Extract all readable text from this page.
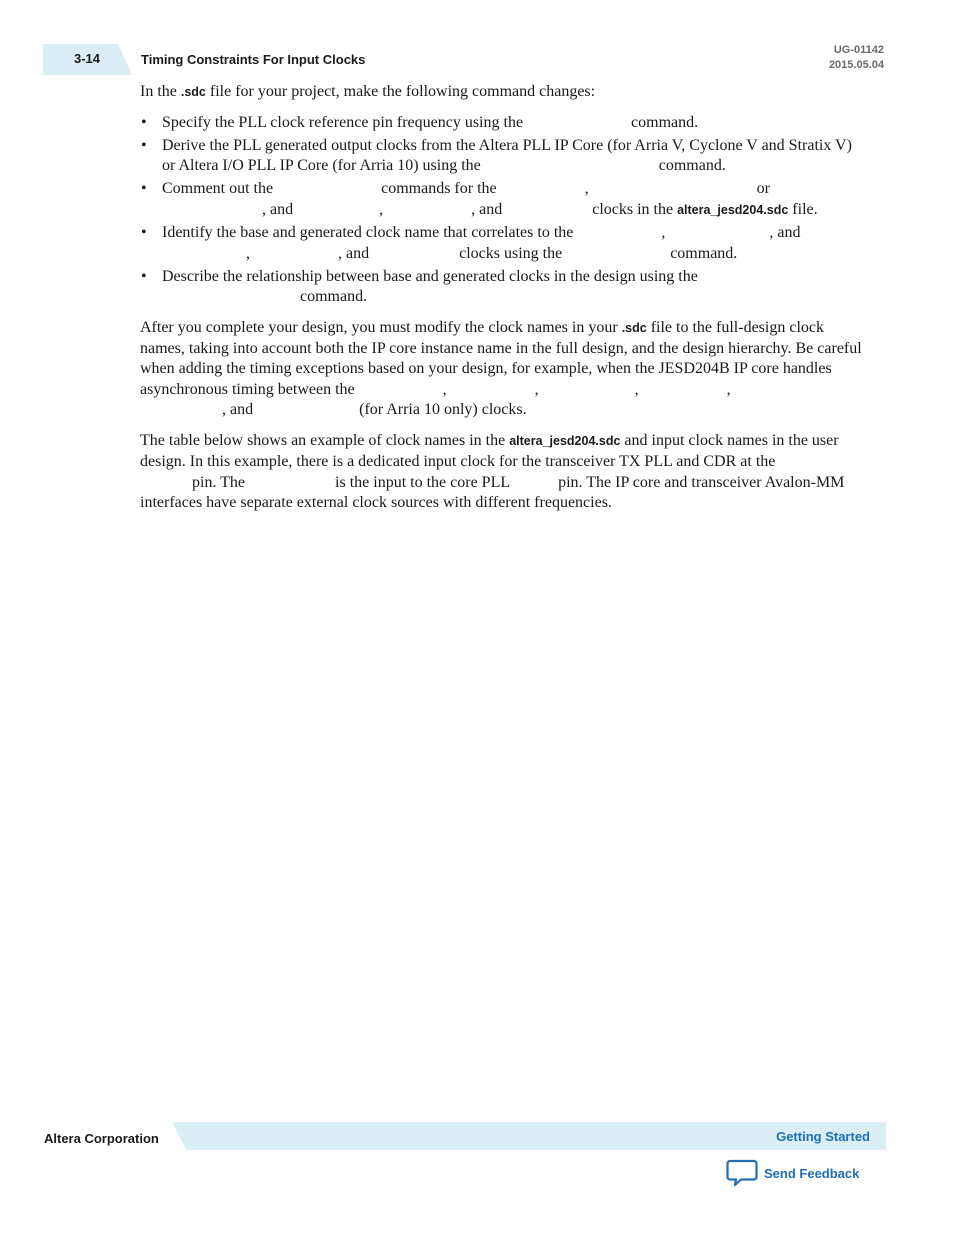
3-14	Timing Constraints For Input Clocks
UG-01142
2015.05.04

In the .sdc file for your project, make the following command changes:

• Specify the PLL clock reference pin frequency using the	command.
• Derive the PLL generated output clocks from the Altera PLL IP Core (for Arria V, Cyclone V and Stratix V) or Altera I/O PLL IP Core (for Arria 10) using the	command.
• Comment out the	commands for the	,	or
, and	,	, and	clocks in the altera_jesd204.sdc file.
• Identify the base and generated clock name that correlates to the	,	, and
,	, and	clocks using the	command.
• Describe the relationship between base and generated clocks in the design using the
command.

After you complete your design, you must modify the clock names in your .sdc file to the full-design clock names, taking into account both the IP core instance name in the full design, and the design hierarchy. Be careful when adding the timing exceptions based on your design, for example, when the JESD204B IP core handles asynchronous timing between the	,	,	,	,
, and	(for Arria 10 only) clocks.

The table below shows an example of clock names in the altera_jesd204.sdc and input clock names in the user design. In this example, there is a dedicated input clock for the transceiver TX PLL and CDR at the
pin. The	is the input to the core PLL	pin. The IP core and transceiver Avalon-MM interfaces have separate external clock sources with different frequencies.

Altera Corporation	Getting Started
Send Feedback
